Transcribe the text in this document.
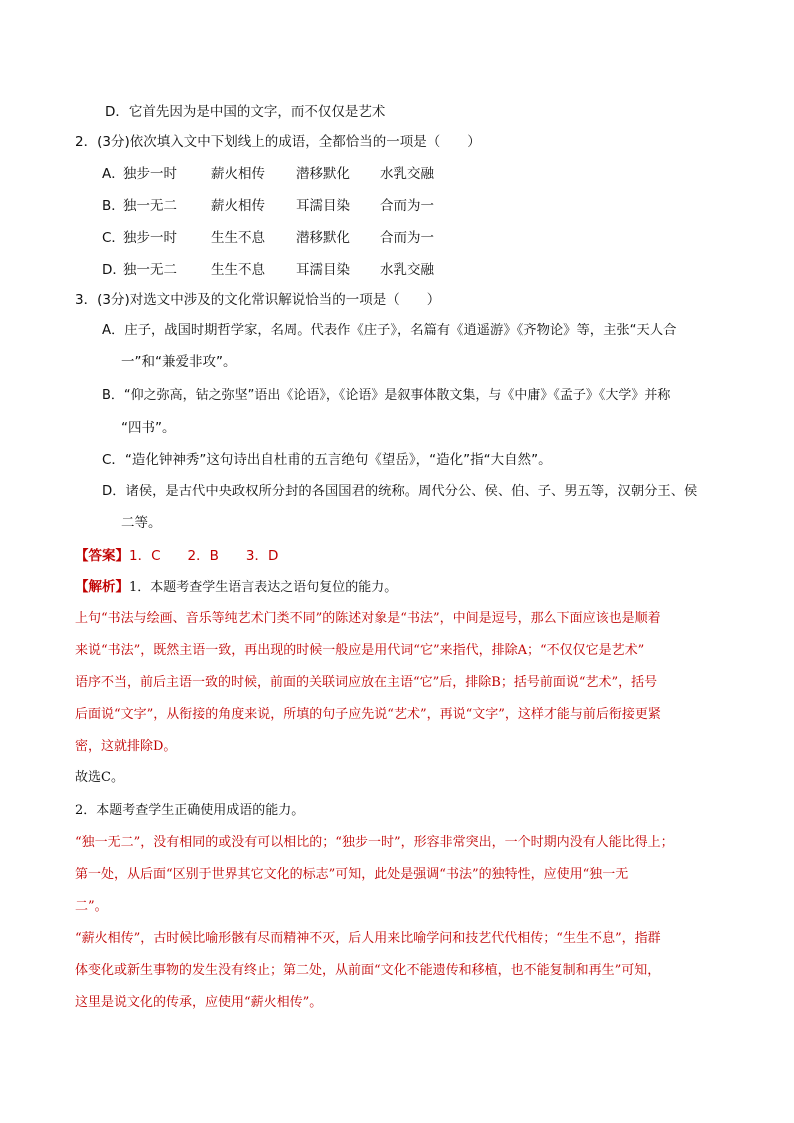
D．它首先因为是中国的文字，而不仅仅是艺术
2．(3分)依次填入文中下划线上的成语，全都恰当的一项是（　　）
A．
独步一时	薪火相传 潜移默化 水乳交融
B．
独一无二	薪火相传 耳濡目染 合而为一
C．
独步一时	生生不息 潜移默化 合而为一
D．
独一无二	生生不息 耳濡目染 水乳交融
3．(3分)对选文中涉及的文化常识解说恰当的一项是（　　）
A．庄子，战国时期哲学家，名周。代表作《庄子》，名篇有《逍遥游》《齐物论》等，主张“天人合
一”和“兼爱非攻”。
B．“仰之弥高，钻之弥坚”语出《论语》，《论语》是叙事体散文集，与《中庸》《孟子》《大学》并称
“四书”。
C．“造化钟神秀”这句诗出自杜甫的五言绝句《望岳》，“造化”指“大自然”。
D．诸侯，是古代中央政权所分封的各国国君的统称。周代分公、侯、伯、子、男五等，汉朝分王、侯
二等。
【答案】1．C　　2．B　　3．D
【解析】1．本题考查学生语言表达之语句复位的能力。
上句“书法与绘画、音乐等纯艺术门类不同”的陈述对象是“书法”，中间是逗号，那么下面应该也是顺着
来说“书法”，既然主语一致，再出现的时候一般应是用代词“它”来指代，排除A；“不仅仅它是艺术”
语序不当，前后主语一致的时候，前面的关联词应放在主语“它”后，排除B；括号前面说“艺术”，括号
后面说“文字”，从衔接的角度来说，所填的句子应先说“艺术”，再说“文字”，这样才能与前后衔接更紧
密，这就排除D。
故选C。
2．本题考查学生正确使用成语的能力。
“独一无二”，没有相同的或没有可以相比的；“独步一时”，形容非常突出，一个时期内没有人能比得上；
第一处，从后面“区别于世界其它文化的标志”可知，此处是强调“书法”的独特性，应使用“独一无
二”。
“薪火相传”，古时候比喻形骸有尽而精神不灭，后人用来比喻学问和技艺代代相传；“生生不息”，指群
体变化或新生事物的发生没有终止；第二处，从前面“文化不能遗传和移植，也不能复制和再生”可知，
这里是说文化的传承，应使用“薪火相传”。
